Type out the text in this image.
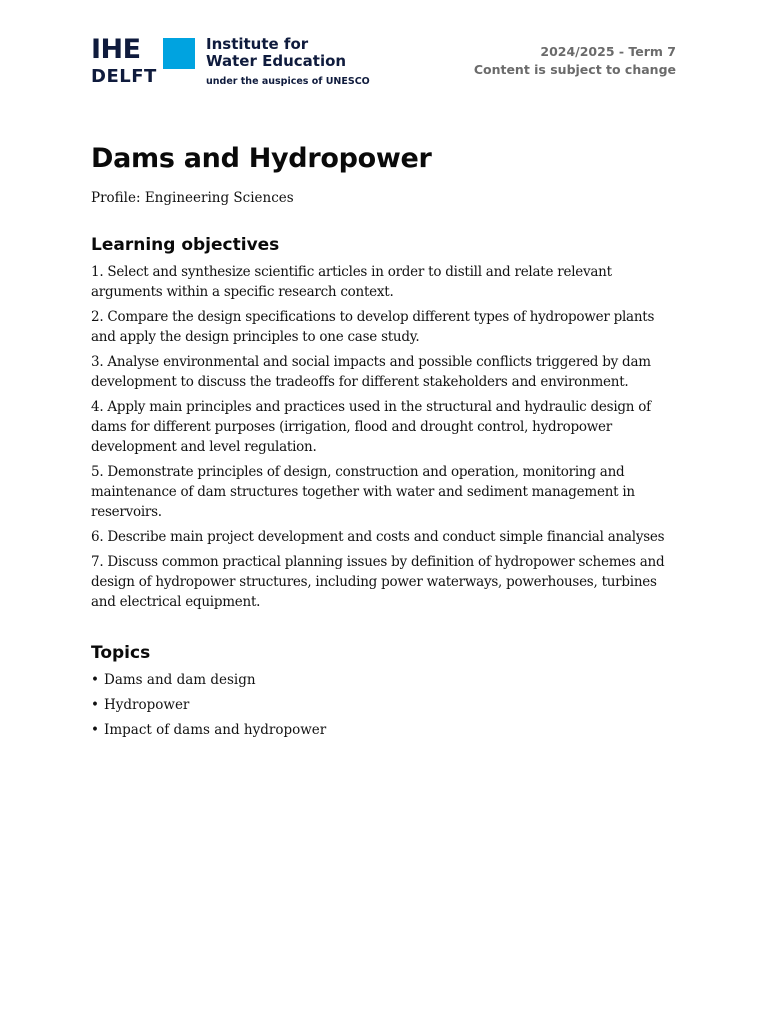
IHE
DELFT
Institute for
Water Education
under the auspices of UNESCO
2024/2025 - Term 7
Content is subject to change
Dams and Hydropower

Profile: Engineering Sciences

Learning objectives
1. Select and synthesize scientific articles in order to distill and relate relevant arguments within a specific research context.
2. Compare the design specifications to develop different types of hydropower plants and apply the design principles to one case study.
3. Analyse environmental and social impacts and possible conflicts triggered by dam development to discuss the tradeoffs for different stakeholders and environment.
4. Apply main principles and practices used in the structural and hydraulic design of dams for different purposes (irrigation, flood and drought control, hydropower development and level regulation.
5. Demonstrate principles of design, construction and operation, monitoring and maintenance of dam structures together with water and sediment management in reservoirs.
6. Describe main project development and costs and conduct simple financial analyses
7. Discuss common practical planning issues by definition of hydropower schemes and design of hydropower structures, including power waterways, powerhouses, turbines and electrical equipment.
Topics
• Dams and dam design
• Hydropower
• Impact of dams and hydropower
